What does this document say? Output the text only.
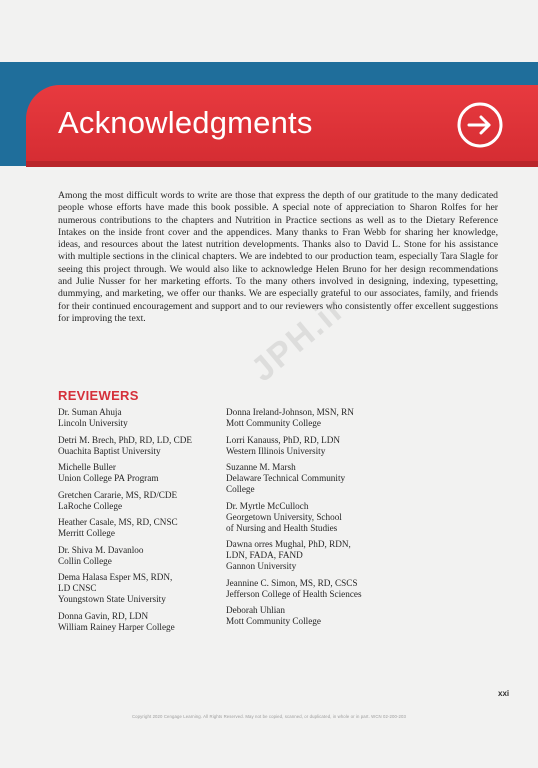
Acknowledgments

Among the most difficult words to write are those that express the depth of our gratitude to the many dedicated people whose efforts have made this book possible. A special note of appreciation to Sharon Rolfes for her numerous contributions to the chapters and Nutrition in Practice sections as well as to the Dietary Reference Intakes on the inside front cover and the appendices. Many thanks to Fran Webb for sharing her knowledge, ideas, and resources about the latest nutrition developments. Thanks also to David L. Stone for his assistance with multiple sections in the clinical chapters. We are indebted to our production team, especially Tara Slagle for seeing this project through. We would also like to acknowledge Helen Bruno for her design recommendations and Julie Nusser for her marketing efforts. To the many others involved in designing, indexing, typesetting, dummying, and marketing, we offer our thanks. We are especially grateful to our associates, family, and friends for their continued encouragement and support and to our reviewers who consistently offer excellent suggestions for improving the text.

REVIEWERS
Dr. Suman Ahuja
Lincoln University
Detri M. Brech, PhD, RD, LD, CDE
Ouachita Baptist University
Michelle Buller
Union College PA Program
Gretchen Cararie, MS, RD/CDE
LaRoche College
Heather Casale, MS, RD, CNSC
Merritt College
Dr. Shiva M. Davanloo
Collin College
Dema Halasa Esper MS, RDN,
LD CNSC
Youngstown State University
Donna Gavin, RD, LDN
William Rainey Harper College
Donna Ireland-Johnson, MSN, RN
Mott Community College
Lorri Kanauss, PhD, RD, LDN
Western Illinois University
Suzanne M. Marsh
Delaware Technical Community
College
Dr. Myrtle McCulloch
Georgetown University, School
of Nursing and Health Studies
Dawna orres Mughal, PhD, RDN,
LDN, FADA, FAND
Gannon University
Jeannine C. Simon, MS, RD, CSCS
Jefferson College of Health Sciences
Deborah Uhlian
Mott Community College

JPH.ir

xxi

Copyright 2020 Cengage Learning. All Rights Reserved. May not be copied, scanned, or duplicated, in whole or in part. WCN 02-200-203
